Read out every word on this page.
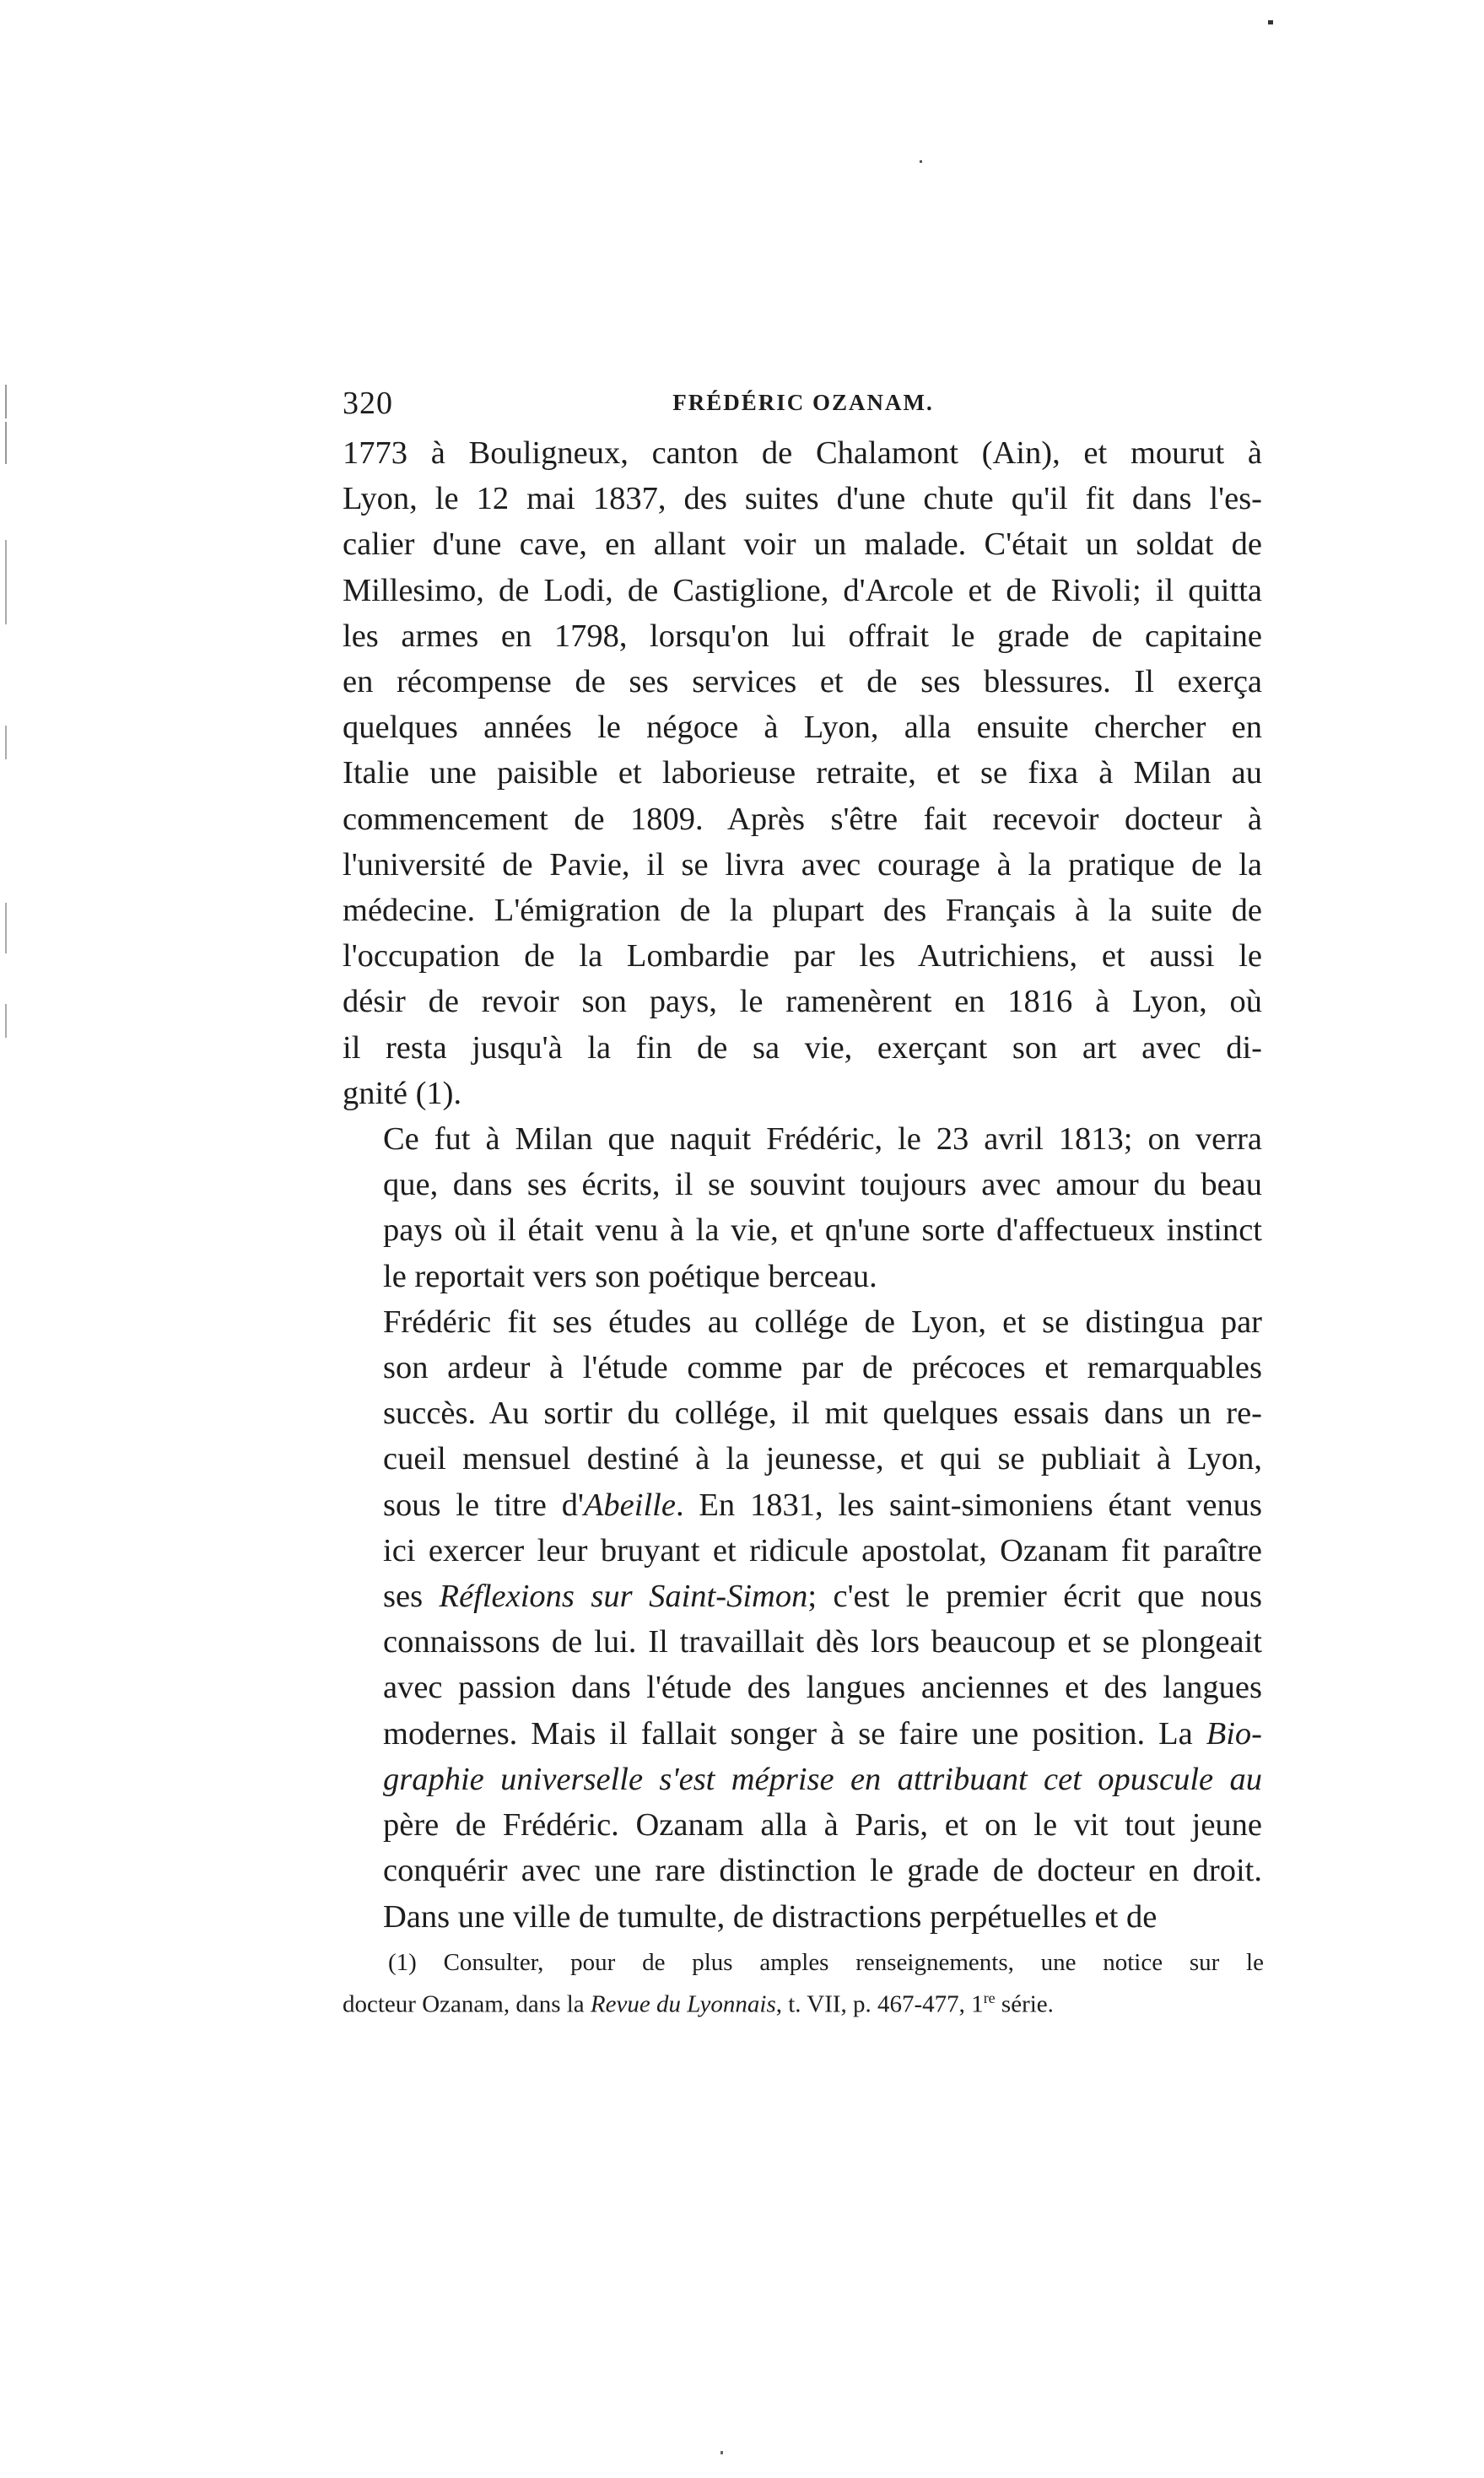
320	FRÉDÉRIC OZANAM.

1773 à Bouligneux, canton de Chalamont (Ain), et mourut à
Lyon, le 12 mai 1837, des suites d'une chute qu'il fit dans l'es-
calier d'une cave, en allant voir un malade. C'était un soldat de
Millesimo, de Lodi, de Castiglione, d'Arcole et de Rivoli; il quitta
les armes en 1798, lorsqu'on lui offrait le grade de capitaine
en récompense de ses services et de ses blessures. Il exerça
quelques années le négoce à Lyon, alla ensuite chercher en
Italie une paisible et laborieuse retraite, et se fixa à Milan au
commencement de 1809. Après s'être fait recevoir docteur à
l'université de Pavie, il se livra avec courage à la pratique de la
médecine. L'émigration de la plupart des Français à la suite de
l'occupation de la Lombardie par les Autrichiens, et aussi le
désir de revoir son pays, le ramenèrent en 1816 à Lyon, où
il resta jusqu'à la fin de sa vie, exerçant son art avec di-
gnité (1).

Ce fut à Milan que naquit Frédéric, le 23 avril 1813; on verra
que, dans ses écrits, il se souvint toujours avec amour du beau
pays où il était venu à la vie, et qn'une sorte d'affectueux instinct
le reportait vers son poétique berceau.

Frédéric fit ses études au collége de Lyon, et se distingua par
son ardeur à l'étude comme par de précoces et remarquables
succès. Au sortir du collége, il mit quelques essais dans un re-
cueil mensuel destiné à la jeunesse, et qui se publiait à Lyon,
sous le titre d'Abeille. En 1831, les saint-simoniens étant venus
ici exercer leur bruyant et ridicule apostolat, Ozanam fit paraître
ses Réflexions sur Saint-Simon; c'est le premier écrit que nous
connaissons de lui. Il travaillait dès lors beaucoup et se plongeait
avec passion dans l'étude des langues anciennes et des langues
modernes. Mais il fallait songer à se faire une position. La Bio-
graphie universelle s'est méprise en attribuant cet opuscule au
père de Frédéric. Ozanam alla à Paris, et on le vit tout jeune
conquérir avec une rare distinction le grade de docteur en droit.
Dans une ville de tumulte, de distractions perpétuelles et de

(1) Consulter, pour de plus amples renseignements, une notice sur le
docteur Ozanam, dans la Revue du Lyonnais, t. VII, p. 467-477, 1re série.
